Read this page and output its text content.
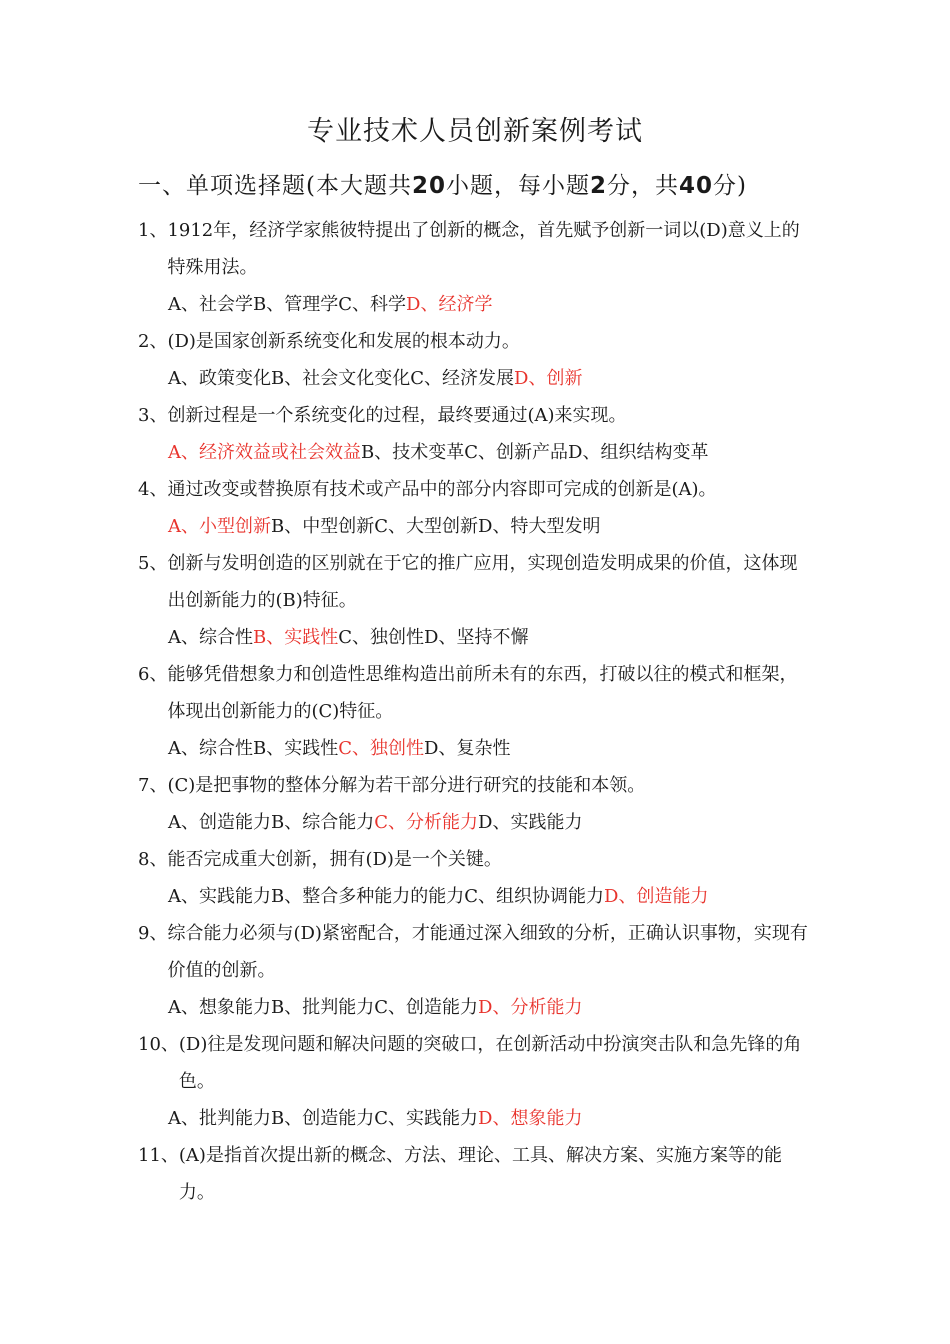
专业技术人员创新案例考试
一、单项选择题(本大题共20小题，每小题2分，共40分)
1、 1912年，经济学家熊彼特提出了创新的概念，首先赋予创新一词以(D)意义上的特殊用法。
A、社会学B、管理学C、科学D、经济学
2、 (D)是国家创新系统变化和发展的根本动力。
A、政策变化B、社会文化变化C、经济发展D、创新
3、 创新过程是一个系统变化的过程，最终要通过(A)来实现。
A、经济效益或社会效益B、技术变革C、创新产品D、组织结构变革
4、 通过改变或替换原有技术或产品中的部分内容即可完成的创新是(A)。
A、小型创新B、中型创新C、大型创新D、特大型发明
5、 创新与发明创造的区别就在于它的推广应用，实现创造发明成果的价值，这体现出创新能力的(B)特征。
A、综合性B、实践性C、独创性D、坚持不懈
6、 能够凭借想象力和创造性思维构造出前所未有的东西，打破以往的模式和框架，体现出创新能力的(C)特征。
A、综合性B、实践性C、独创性D、复杂性
7、 (C)是把事物的整体分解为若干部分进行研究的技能和本领。
A、创造能力B、综合能力C、分析能力D、实践能力
8、 能否完成重大创新，拥有(D)是一个关键。
A、实践能力B、整合多种能力的能力C、组织协调能力D、创造能力
9、 综合能力必须与(D)紧密配合，才能通过深入细致的分析，正确认识事物，实现有价值的创新。
A、想象能力B、批判能力C、创造能力D、分析能力
10、 (D)往是发现问题和解决问题的突破口，在创新活动中扮演突击队和急先锋的角色。
A、批判能力B、创造能力C、实践能力D、想象能力
11、 (A)是指首次提出新的概念、方法、理论、工具、解决方案、实施方案等的能力。
